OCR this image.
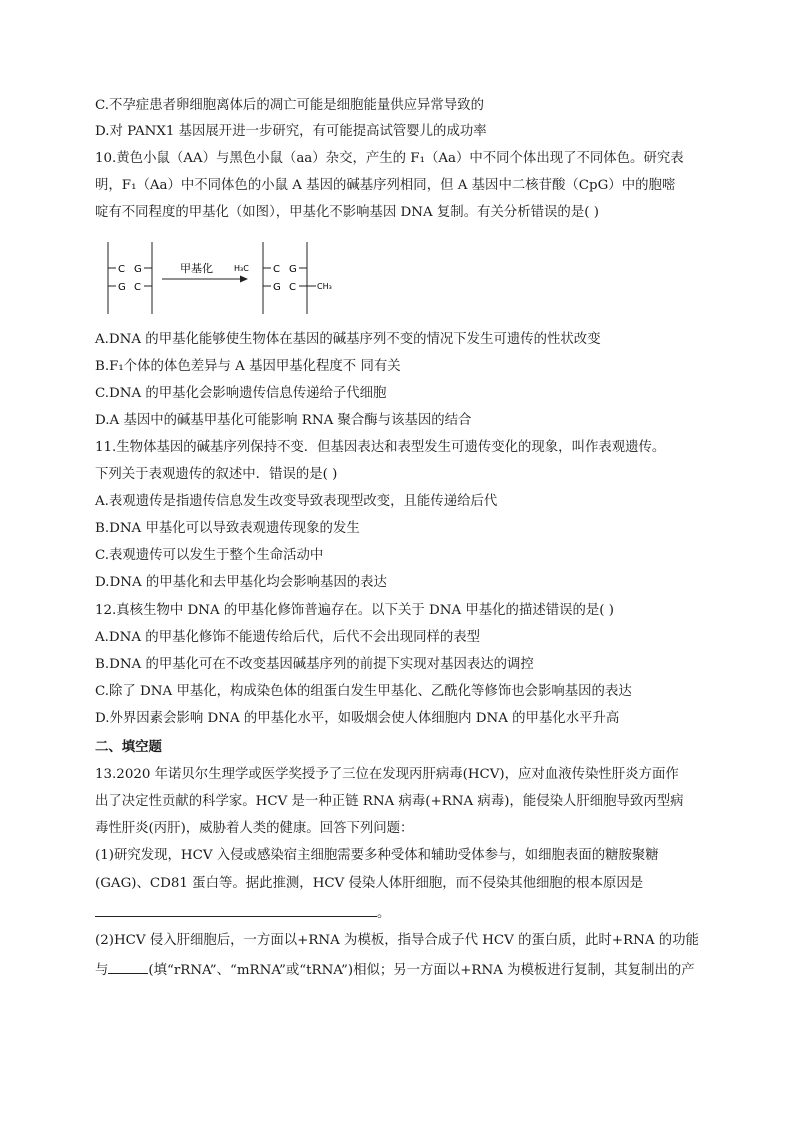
C.不孕症患者卵细胞离体后的凋亡可能是细胞能量供应异常导致的
D.对 PANX1 基因展开进一步研究，有可能提高试管婴儿的成功率
10.黄色小鼠（AA）与黑色小鼠（aa）杂交，产生的 F₁（Aa）中不同个体出现了不同体色。研究表
明，F₁（Aa）中不同体色的小鼠 A 基因的碱基序列相同，但 A 基因中二核苷酸（CpG）中的胞嘧
啶有不同程度的甲基化（如图），甲基化不影响基因 DNA 复制。有关分析错误的是( )
C G
G C
甲基化	C G
G C
H₃C
CH₃
A.DNA 的甲基化能够使生物体在基因的碱基序列不变的情况下发生可遗传的性状改变
B.F₁个体的体色差异与 A 基因甲基化程度不 同有关
C.DNA 的甲基化会影响遗传信息传递给子代细胞
D.A 基因中的碱基甲基化可能影响 RNA 聚合酶与该基因的结合
11.生物体基因的碱基序列保持不变．但基因表达和表型发生可遗传变化的现象，叫作表观遗传。
下列关于表观遗传的叙述中．错误的是( )
A.表观遗传是指遗传信息发生改变导致表现型改变，且能传递给后代
B.DNA 甲基化可以导致表观遗传现象的发生
C.表观遗传可以发生于整个生命活动中
D.DNA 的甲基化和去甲基化均会影响基因的表达
12.真核生物中 DNA 的甲基化修饰普遍存在。以下关于 DNA 甲基化的描述错误的是( )
A.DNA 的甲基化修饰不能遗传给后代，后代不会出现同样的表型
B.DNA 的甲基化可在不改变基因碱基序列的前提下实现对基因表达的调控
C.除了 DNA 甲基化，构成染色体的组蛋白发生甲基化、乙酰化等修饰也会影响基因的表达
D.外界因素会影响 DNA 的甲基化水平，如吸烟会使人体细胞内 DNA 的甲基化水平升高
二、填空题
13.2020 年诺贝尔生理学或医学奖授予了三位在发现丙肝病毒(HCV)，应对血液传染性肝炎方面作
出了决定性贡献的科学家。HCV 是一种正链 RNA 病毒(+RNA 病毒)，能侵染人肝细胞导致丙型病
毒性肝炎(丙肝)，威胁着人类的健康。回答下列问题：
(1)研究发现，HCV 入侵或感染宿主细胞需要多种受体和辅助受体参与，如细胞表面的糖胺聚糖
(GAG)、CD81 蛋白等。据此推测，HCV 侵染人体肝细胞，而不侵染其他细胞的根本原因是
。
(2)HCV 侵入肝细胞后，一方面以+RNA 为模板，指导合成子代 HCV 的蛋白质，此时+RNA 的功能
与	(填“rRNA”、“mRNA”或“tRNA”)相似；另一方面以+RNA 为模板进行复制，其复制出的产
